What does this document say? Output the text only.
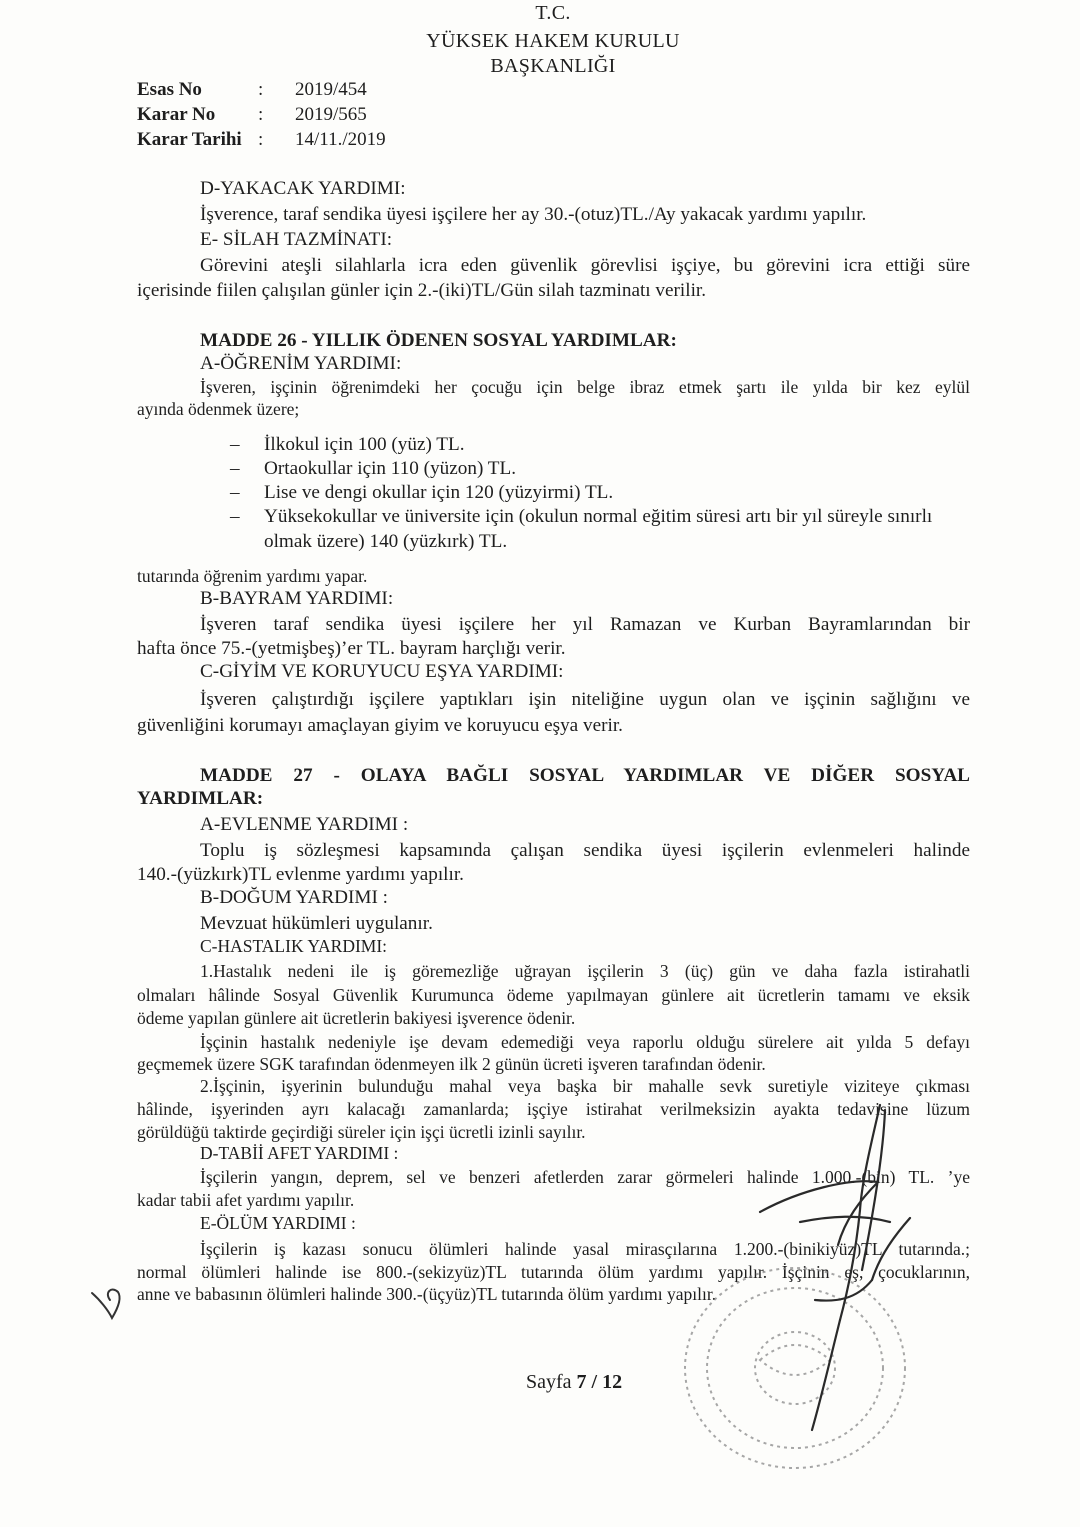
T.C.
YÜKSEK HAKEM KURULU
BAŞKANLIĞI
Esas No	: 2019/454
Karar No : 2019/565
Karar Tarihi : 14/11./2019

D-YAKACAK YARDIMI:

İşverence, taraf sendika üyesi işçilere her ay 30.-(otuz)TL./Ay yakacak yardımı yapılır.

E- SİLAH TAZMİNATI:

Görevini ateşli silahlarla icra eden güvenlik görevlisi işçiye, bu görevini icra ettiği süre

içerisinde fiilen çalışılan günler için 2.-(iki)TL/Gün silah tazminatı verilir.

MADDE 26 - YILLIK ÖDENEN SOSYAL YARDIMLAR:

A-ÖĞRENİM YARDIMI:

İşveren, işçinin öğrenimdeki her çocuğu için belge ibraz etmek şartı ile yılda bir kez eylül

ayında ödenmek üzere;

– İlkokul için 100 (yüz) TL.
– Ortaokullar için 110 (yüzon) TL.
– Lise ve dengi okullar için 120 (yüzyirmi) TL.
– Yüksekokullar ve üniversite için (okulun normal eğitim süresi artı bir yıl süreyle sınırlı

olmak üzere) 140 (yüzkırk) TL.

tutarında öğrenim yardımı yapar.

B-BAYRAM YARDIMI:

İşveren taraf sendika üyesi işçilere her yıl Ramazan ve Kurban Bayramlarından bir

hafta önce 75.-(yetmişbeş)’er TL. bayram harçlığı verir.

C-GİYİM VE KORUYUCU EŞYA YARDIMI:

İşveren çalıştırdığı işçilere yaptıkları işin niteliğine uygun olan ve işçinin sağlığını ve

güvenliğini korumayı amaçlayan giyim ve koruyucu eşya verir.

MADDE 27 - OLAYA BAĞLI SOSYAL YARDIMLAR VE DİĞER SOSYAL

YARDIMLAR:

A-EVLENME YARDIMI :

Toplu iş sözleşmesi kapsamında çalışan sendika üyesi işçilerin evlenmeleri halinde

140.-(yüzkırk)TL evlenme yardımı yapılır.

B-DOĞUM YARDIMI :

Mevzuat hükümleri uygulanır.

C-HASTALIK YARDIMI:

1.Hastalık nedeni ile iş göremezliğe uğrayan işçilerin 3 (üç) gün ve daha fazla istirahatli

olmaları hâlinde Sosyal Güvenlik Kurumunca ödeme yapılmayan günlere ait ücretlerin tamamı ve eksik

ödeme yapılan günlere ait ücretlerin bakiyesi işverence ödenir.

İşçinin hastalık nedeniyle işe devam edemediği veya raporlu olduğu sürelere ait yılda 5 defayı

geçmemek üzere SGK tarafından ödenmeyen ilk 2 günün ücreti işveren tarafından ödenir.

2.İşçinin, işyerinin bulunduğu mahal veya başka bir mahalle sevk suretiyle viziteye çıkması

hâlinde, işyerinden ayrı kalacağı zamanlarda; işçiye istirahat verilmeksizin ayakta tedavisine lüzum

görüldüğü taktirde geçirdiği süreler için işçi ücretli izinli sayılır.

D-TABİİ AFET YARDIMI :

İşçilerin yangın, deprem, sel ve benzeri afetlerden zarar görmeleri halinde 1.000.-(bin) TL. ’ye

kadar tabii afet yardımı yapılır.

E-ÖLÜM YARDIMI :

İşçilerin iş kazası sonucu ölümleri halinde yasal mirasçılarına 1.200.-(binikiyüz)TL tutarında.;

normal ölümleri halinde ise 800.-(sekizyüz)TL tutarında ölüm yardımı yapılır. İşçinin eş, çocuklarının,

anne ve babasının ölümleri halinde 300.-(üçyüz)TL tutarında ölüm yardımı yapılır.

Sayfa 7 / 12
